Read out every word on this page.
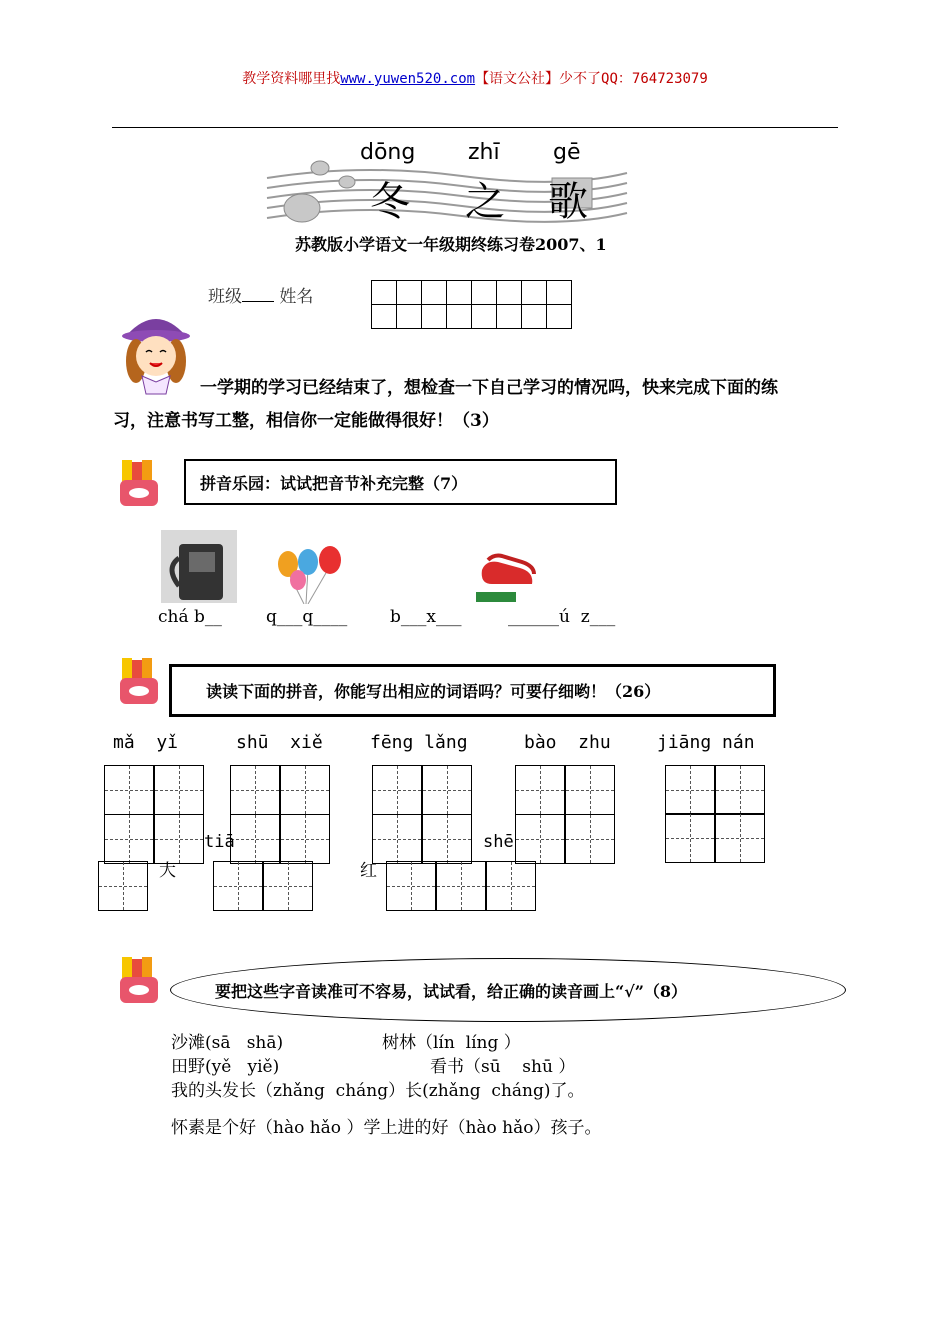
教学资料哪里找www.yuwen520.com【语文公社】少不了QQ：764723079
dōng zhī gē
冬 之 歌
苏教版小学语文一年级期终练习卷2007、1
班级 姓名
一学期的学习已经结束了，想检查一下自己学习的情况吗，快来完成下面的练
习，注意书写工整，相信你一定能做得很好！（3）
拼音乐园：试试把音节补充完整（7）
chá b__	q___q____	b___x___	______ú  z___
读读下面的拼音，你能写出相应的词语吗？可要仔细哟！（26）
mǎ  yǐ	shū  xiě	fēng lǎng	bào  zhu	jiāng nán
tiā	shē
大	红
要把这些字音读准可不容易，试试看，给正确的读音画上“√”（8）
沙滩(sā   shā)	树林（lín  líng ）
田野(yě   yiě)	看书（sū    shū ）
我的头发长（zhǎng  cháng）长(zhǎng  cháng)了。
怀素是个好（hào hǎo ）学上进的好（hào hǎo）孩子。
